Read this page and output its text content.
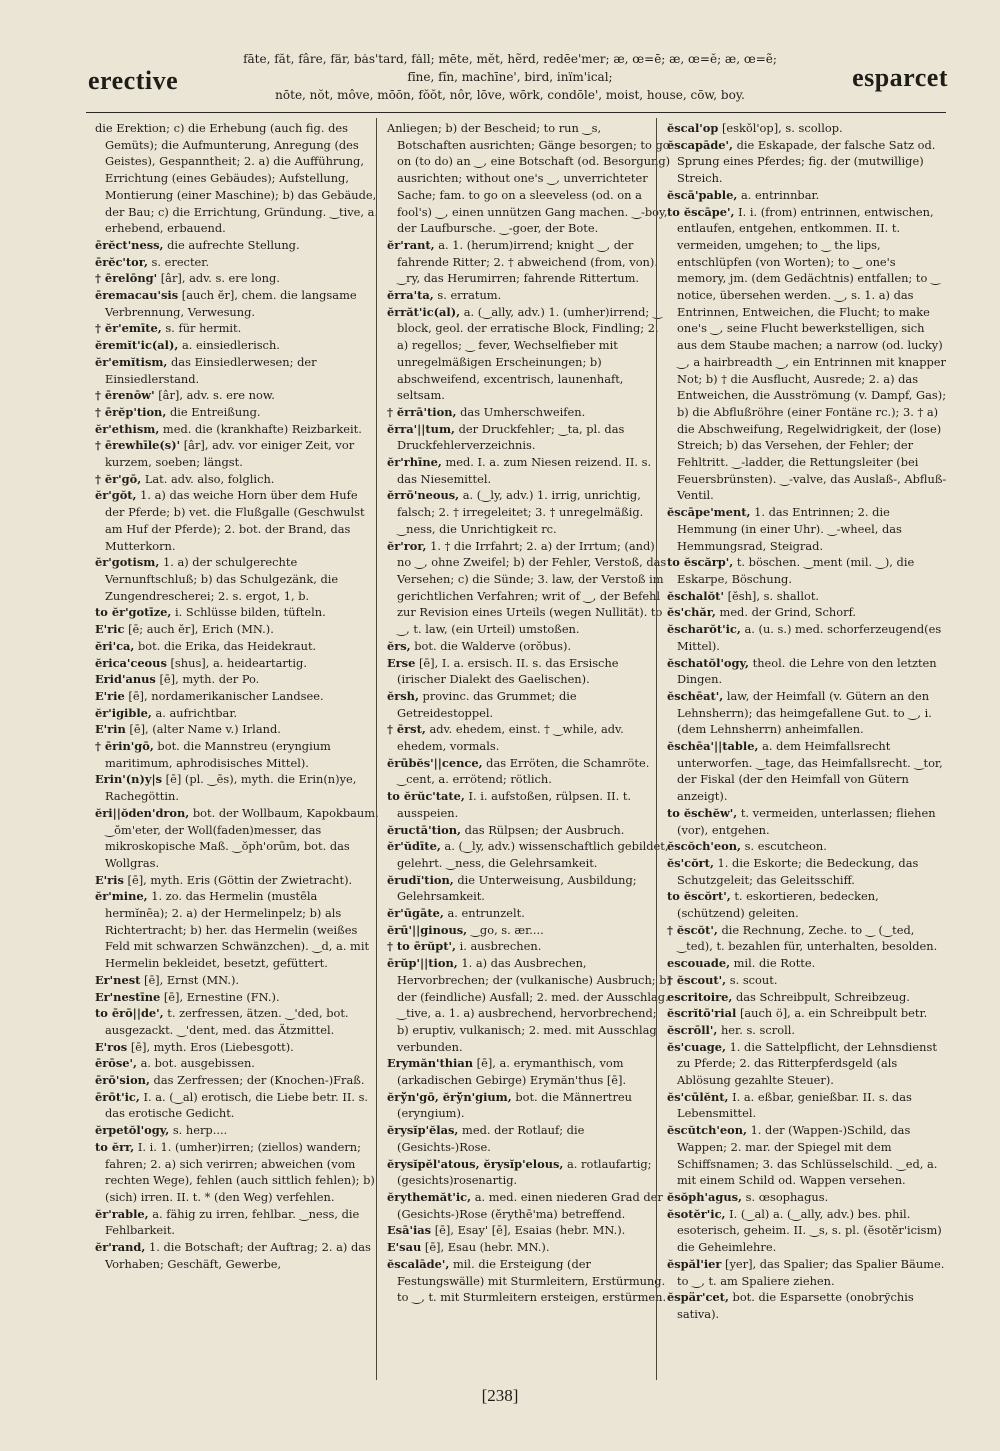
erective
fāte, făt, fâre, fär, bȧs'tard, fȧll; mēte, mĕt, hẽrd, redēe'mer; æ, œ=ē; æ, œ=ĕ; æ, œ=ẽ;
fīne, fĭn, machīne', bird, inïm'ical;
nōte, nŏt, môve, mōōn, fŏŏt, nôr, lōve, wōrk, condōle', moist, house, cōw, boy.
esparcet

die Erektion; c) die Erhebung (auch fig. des Gemüts); die Aufmunterung, Anregung (des Geistes), Gespanntheit; 2. a) die Aufführung, Errichtung (eines Gebäudes); Aufstellung, Montierung (einer Maschine); b) das Gebäude, der Bau; c) die Errichtung, Gründung. ‿tive, a. erhebend, erbauend.

ērĕct'ness, die aufrechte Stellung.

ērĕc'tor, s. erecter.

† ērelōng' [âr], adv. s. ere long.

ēremacau'sis [auch ĕr], chem. die langsame Verbrennung, Verwesung.

† ĕr'emīte, s. für hermit.

ĕremĭt'ic(al), a. einsiedlerisch.

ĕr'emĭtism, das Einsiedlerwesen; der Einsiedlerstand.

† ērenōw' [âr], adv. s. ere now.

† ērĕp'tion, die Entreißung.

ĕr'ethism, med. die (krankhafte) Reizbarkeit.

† ērewhīle(s)' [âr], adv. vor einiger Zeit, vor kurzem, soeben; längst.

† ĕr'gō, Lat. adv. also, folglich.

ĕr'gŏt, 1. a) das weiche Horn über dem Hufe der Pferde; b) vet. die Flußgalle (Geschwulst am Huf der Pferde); 2. bot. der Brand, das Mutterkorn.

ĕr'gotism, 1. a) der schulgerechte Vernunftschluß; b) das Schulgezänk, die Zungendrescherei; 2. s. ergot, 1, b.

to ĕr'gotīze, i. Schlüsse bilden, tüfteln.

E'ric [ē; auch ĕr], Erich (MN.).

ĕri'ca, bot. die Erika, das Heidekraut.

ĕrica'ceous [shus], a. heideartartig.

Erid'anus [ē], myth. der Po.

E'rie [ē], nordamerikanischer Landsee.

ĕr'igible, a. aufrichtbar.

E'rin [ē], (alter Name v.) Irland.

† ērin'gō, bot. die Mannstreu (eryngium maritimum, aphrodisisches Mittel).

Erin'(n)y|s [ē] (pl. ‿ēs), myth. die Erin(n)ye, Rachegöttin.

ĕri||ŏden'dron, bot. der Wollbaum, Kapokbaum. ‿ŏm'eter, der Woll(faden)messer, das mikroskopische Maß. ‿ŏph'orūm, bot. das Wollgras.

E'ris [ē], myth. Eris (Göttin der Zwietracht).

ĕr'mine, 1. zo. das Hermelin (mustēla hermĭnēa); 2. a) der Hermelinpelz; b) als Richtertracht; b) her. das Hermelin (weißes Feld mit schwarzen Schwänzchen). ‿d, a. mit Hermelin bekleidet, besetzt, gefüttert.

Er'nest [ē], Ernst (MN.).

Er'nestīne [ē], Ernestine (FN.).

to ērō||de', t. zerfressen, ätzen. ‿'ded, bot. ausgezackt. ‿'dent, med. das Ätzmittel.

E'ros [ē], myth. Eros (Liebesgott).

ērōse', a. bot. ausgebissen.

ērō'sion, das Zerfressen; der (Knochen-)Fraß.

ērōt'ic, I. a. (‿al) erotisch, die Liebe betr. II. s. das erotische Gedicht.

ĕrpetŏl'ogy, s. herp....

to ĕrr, I. i. 1. (umher)irren; (ziellos) wandern; fahren; 2. a) sich verirren; abweichen (vom rechten Wege), fehlen (auch sittlich fehlen); b) (sich) irren. II. t. * (den Weg) verfehlen.

ĕr'rable, a. fähig zu irren, fehlbar. ‿ness, die Fehlbarkeit.

ĕr'rand, 1. die Botschaft; der Auftrag; 2. a) das Vorhaben; Geschäft, Gewerbe,

Anliegen; b) der Bescheid; to run ‿s, Botschaften ausrichten; Gänge besorgen; to go on (to do) an ‿, eine Botschaft (od. Besorgung) ausrichten; without one's ‿, unverrichteter Sache; fam. to go on a sleeveless (od. on a fool's) ‿, einen unnützen Gang machen. ‿-boy, der Laufbursche. ‿-goer, der Bote.

ĕr'rant, a. 1. (herum)irrend; knight ‿, der fahrende Ritter; 2. † abweichend (from, von). ‿ry, das Herumirren; fahrende Rittertum.

ĕrra'ta, s. erratum.

ĕrrăt'ic(al), a. (‿ally, adv.) 1. (umher)irrend; ‿ block, geol. der erratische Block, Findling; 2. a) regellos; ‿ fever, Wechselfieber mit unregelmäßigen Erscheinungen; b) abschweifend, excentrisch, launenhaft, seltsam.

† ĕrrā'tion, das Umherschweifen.

ĕrra'||tum, der Druckfehler; ‿ta, pl. das Druckfehlerverzeichnis.

ĕr'rhīne, med. I. a. zum Niesen reizend. II. s. das Niesemittel.

ĕrrō'neous, a. (‿ly, adv.) 1. irrig, unrichtig, falsch; 2. † irregeleitet; 3. † unregelmäßig. ‿ness, die Unrichtigkeit rc.

ĕr'ror, 1. † die Irrfahrt; 2. a) der Irrtum; (and) no ‿, ohne Zweifel; b) der Fehler, Verstoß, das Versehen; c) die Sünde; 3. law, der Verstoß im gerichtlichen Verfahren; writ of ‿, der Befehl zur Revision eines Urteils (wegen Nullität). to ‿, t. law, (ein Urteil) umstoßen.

ĕrs, bot. die Walderve (orŏbus).

Erse [ē], I. a. ersisch. II. s. das Ersische (irischer Dialekt des Gaelischen).

ĕrsh, provinc. das Grummet; die Getreidestoppel.

† ērst, adv. ehedem, einst. † ‿while, adv. ehedem, vormals.

ĕrūbĕs'||cence, das Erröten, die Schamröte. ‿cent, a. errötend; rötlich.

to ĕrŭc'tate, I. i. aufstoßen, rülpsen. II. t. ausspeien.

ĕructā'tion, das Rülpsen; der Ausbruch.

ĕr'ŭdīte, a. (‿ly, adv.) wissenschaftlich gebildet, gelehrt. ‿ness, die Gelehrsamkeit.

ĕrudĭ'tion, die Unterweisung, Ausbildung; Gelehrsamkeit.

ĕr'ūgāte, a. entrunzelt.

ĕrū'||ginous, ‿go, s. ær....

† to ērŭpt', i. ausbrechen.

ērŭp'||tion, 1. a) das Ausbrechen, Hervorbrechen; der (vulkanische) Ausbruch; b) der (feindliche) Ausfall; 2. med. der Ausschlag. ‿tive, a. 1. a) ausbrechend, hervorbrechend; b) eruptiv, vulkanisch; 2. med. mit Ausschlag verbunden.

Erymăn'thian [ē], a. erymanthisch, vom (arkadischen Gebirge) Erymăn'thus [ē].

ĕrўn'gō, ĕrўn'gium, bot. die Männertreu (eryngium).

ĕrysĭp'ĕlas, med. der Rotlauf; die (Gesichts-)Rose.

ĕrysĭpĕl'atous, ĕrysĭp'elous, a. rotlaufartig; (gesichts)rosenartig.

ĕrythemăt'ic, a. med. einen niederen Grad der (Gesichts-)Rose (ĕrythē'ma) betreffend.

Esā'ias [ē], Esay' [ē], Esaias (hebr. MN.).

E'sau [ē], Esau (hebr. MN.).

ĕscalāde', mil. die Ersteigung (der Festungswälle) mit Sturmleitern, Erstürmung. to ‿, t. mit Sturmleitern ersteigen, erstürmen.

ĕscal'op [eskŏl'op], s. scollop.

ĕscapāde', die Eskapade, der falsche Satz od. Sprung eines Pferdes; fig. der (mutwillige) Streich.

ĕscā'pable, a. entrinnbar.

to ĕscāpe', I. i. (from) entrinnen, entwischen, entlaufen, entgehen, entkommen. II. t. vermeiden, umgehen; to ‿ the lips, entschlüpfen (von Worten); to ‿ one's memory, jm. (dem Gedächtnis) entfallen; to ‿ notice, übersehen werden. ‿, s. 1. a) das Entrinnen, Entweichen, die Flucht; to make one's ‿, seine Flucht bewerkstelligen, sich aus dem Staube machen; a narrow (od. lucky) ‿, a hairbreadth ‿, ein Entrinnen mit knapper Not; b) † die Ausflucht, Ausrede; 2. a) das Entweichen, die Ausströmung (v. Dampf, Gas); b) die Abflußröhre (einer Fontäne rc.); 3. † a) die Abschweifung, Regelwidrigkeit, der (lose) Streich; b) das Versehen, der Fehler; der Fehltritt. ‿-ladder, die Rettungsleiter (bei Feuersbrünsten). ‿-valve, das Auslaß-, Abfluß-Ventil.

ĕscāpe'ment, 1. das Entrinnen; 2. die Hemmung (in einer Uhr). ‿-wheel, das Hemmungsrad, Steigrad.

to ĕscărp', t. böschen. ‿ment (mil. ‿), die Eskarpe, Böschung.

ĕschalŏt' [ĕsh], s. shallot.

ĕs'chăr, med. der Grind, Schorf.

ĕscharŏt'ic, a. (u. s.) med. schorferzeugend(es Mittel).

ĕschatŏl'ogy, theol. die Lehre von den letzten Dingen.

ĕschēat', law, der Heimfall (v. Gütern an den Lehnsherrn); das heimgefallene Gut. to ‿, i. (dem Lehnsherrn) anheimfallen.

ĕschēa'||table, a. dem Heimfallsrecht unterworfen. ‿tage, das Heimfallsrecht. ‿tor, der Fiskal (der den Heimfall von Gütern anzeigt).

to ĕschĕw', t. vermeiden, unterlassen; fliehen (vor), entgehen.

ĕscŏch'eon, s. escutcheon.

ĕs'cŏrt, 1. die Eskorte; die Bedeckung, das Schutzgeleit; das Geleitsschiff.

to ĕscŏrt', t. eskortieren, bedecken, (schützend) geleiten.

† ĕscŏt', die Rechnung, Zeche. to ‿ (‿ted, ‿ted), t. bezahlen für, unterhalten, besolden.

escouade, mil. die Rotte.

† ĕscout', s. scout.

escritoire, das Schreibpult, Schreibzeug.

ĕscrĭtō'rial [auch ö], a. ein Schreibpult betr.

ĕscrōll', her. s. scroll.

ĕs'cuage, 1. die Sattelpflicht, der Lehnsdienst zu Pferde; 2. das Ritterpferdsgeld (als Ablösung gezahlte Steuer).

ĕs'cūlĕnt, I. a. eßbar, genießbar. II. s. das Lebensmittel.

ĕscŭtch'eon, 1. der (Wappen-)Schild, das Wappen; 2. mar. der Spiegel mit dem Schiffsnamen; 3. das Schlüsselschild. ‿ed, a. mit einem Schild od. Wappen versehen.

ĕsŏph'agus, s. œsophagus.

ĕsotĕr'ic, I. (‿al) a. (‿ally, adv.) bes. phil. esoterisch, geheim. II. ‿s, s. pl. (ĕsotĕr'icism) die Geheimlehre.

ĕspăl'ier [yer], das Spalier; das Spalier Bäume. to ‿, t. am Spaliere ziehen.

ĕspär'cet, bot. die Esparsette (onobrўchis sativa).

[238]
